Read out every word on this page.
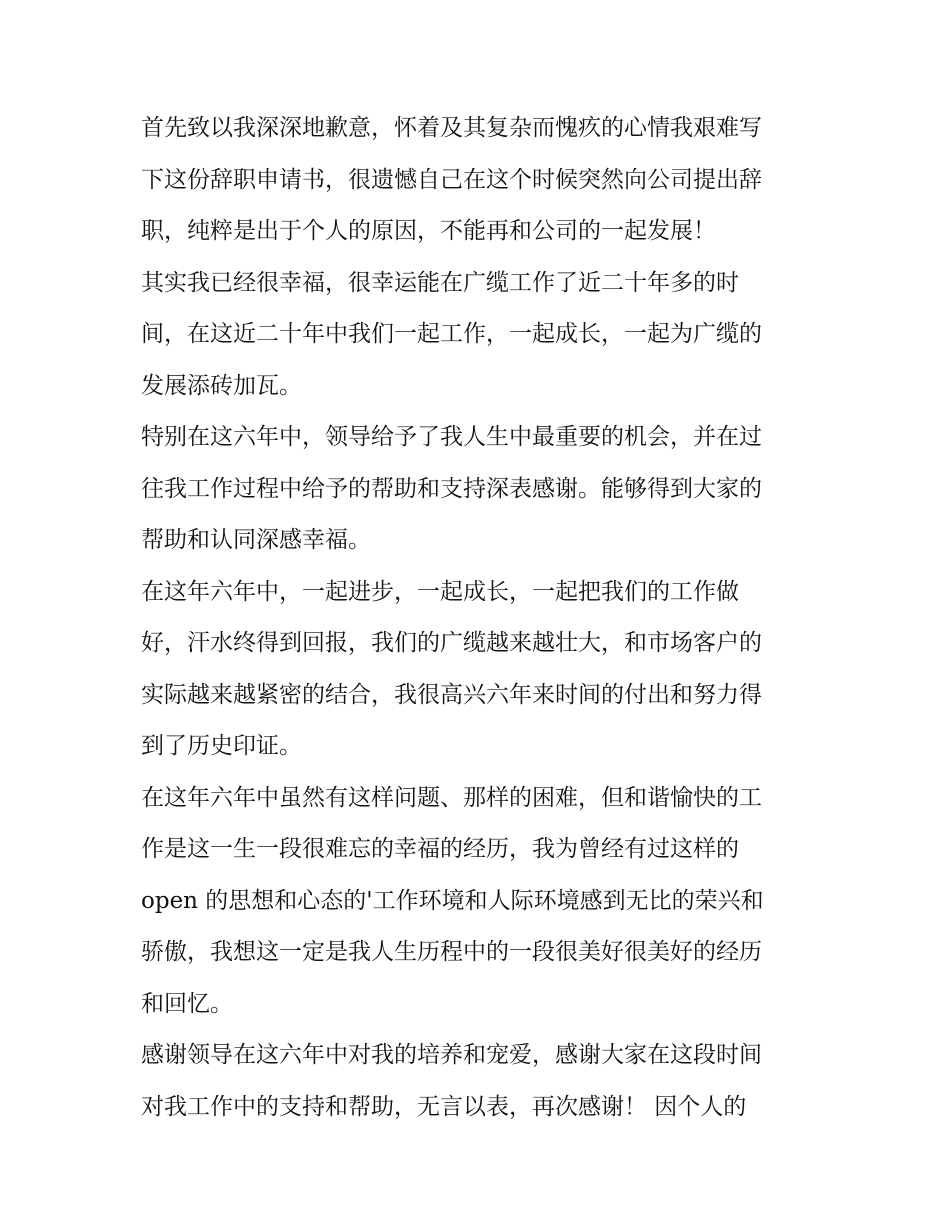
首先致以我深深地歉意，怀着及其复杂而愧疚的心情我艰难写
下这份辞职申请书，很遗憾自己在这个时候突然向公司提出辞
职，纯粹是出于个人的原因，不能再和公司的一起发展！

其实我已经很幸福，很幸运能在广缆工作了近二十年多的时
间，在这近二十年中我们一起工作，一起成长，一起为广缆的
发展添砖加瓦。

特别在这六年中，领导给予了我人生中最重要的机会，并在过
往我工作过程中给予的帮助和支持深表感谢。能够得到大家的
帮助和认同深感幸福。

在这年六年中，一起进步，一起成长，一起把我们的工作做
好，汗水终得到回报，我们的广缆越来越壮大，和市场客户的
实际越来越紧密的结合，我很高兴六年来时间的付出和努力得
到了历史印证。

在这年六年中虽然有这样问题、那样的困难，但和谐愉快的工
作是这一生一段很难忘的幸福的经历，我为曾经有过这样的
open 的思想和心态的'工作环境和人际环境感到无比的荣兴和
骄傲，我想这一定是我人生历程中的一段很美好很美好的经历
和回忆。

感谢领导在这六年中对我的培养和宠爱，感谢大家在这段时间
对我工作中的支持和帮助，无言以表，再次感谢！ 因个人的
